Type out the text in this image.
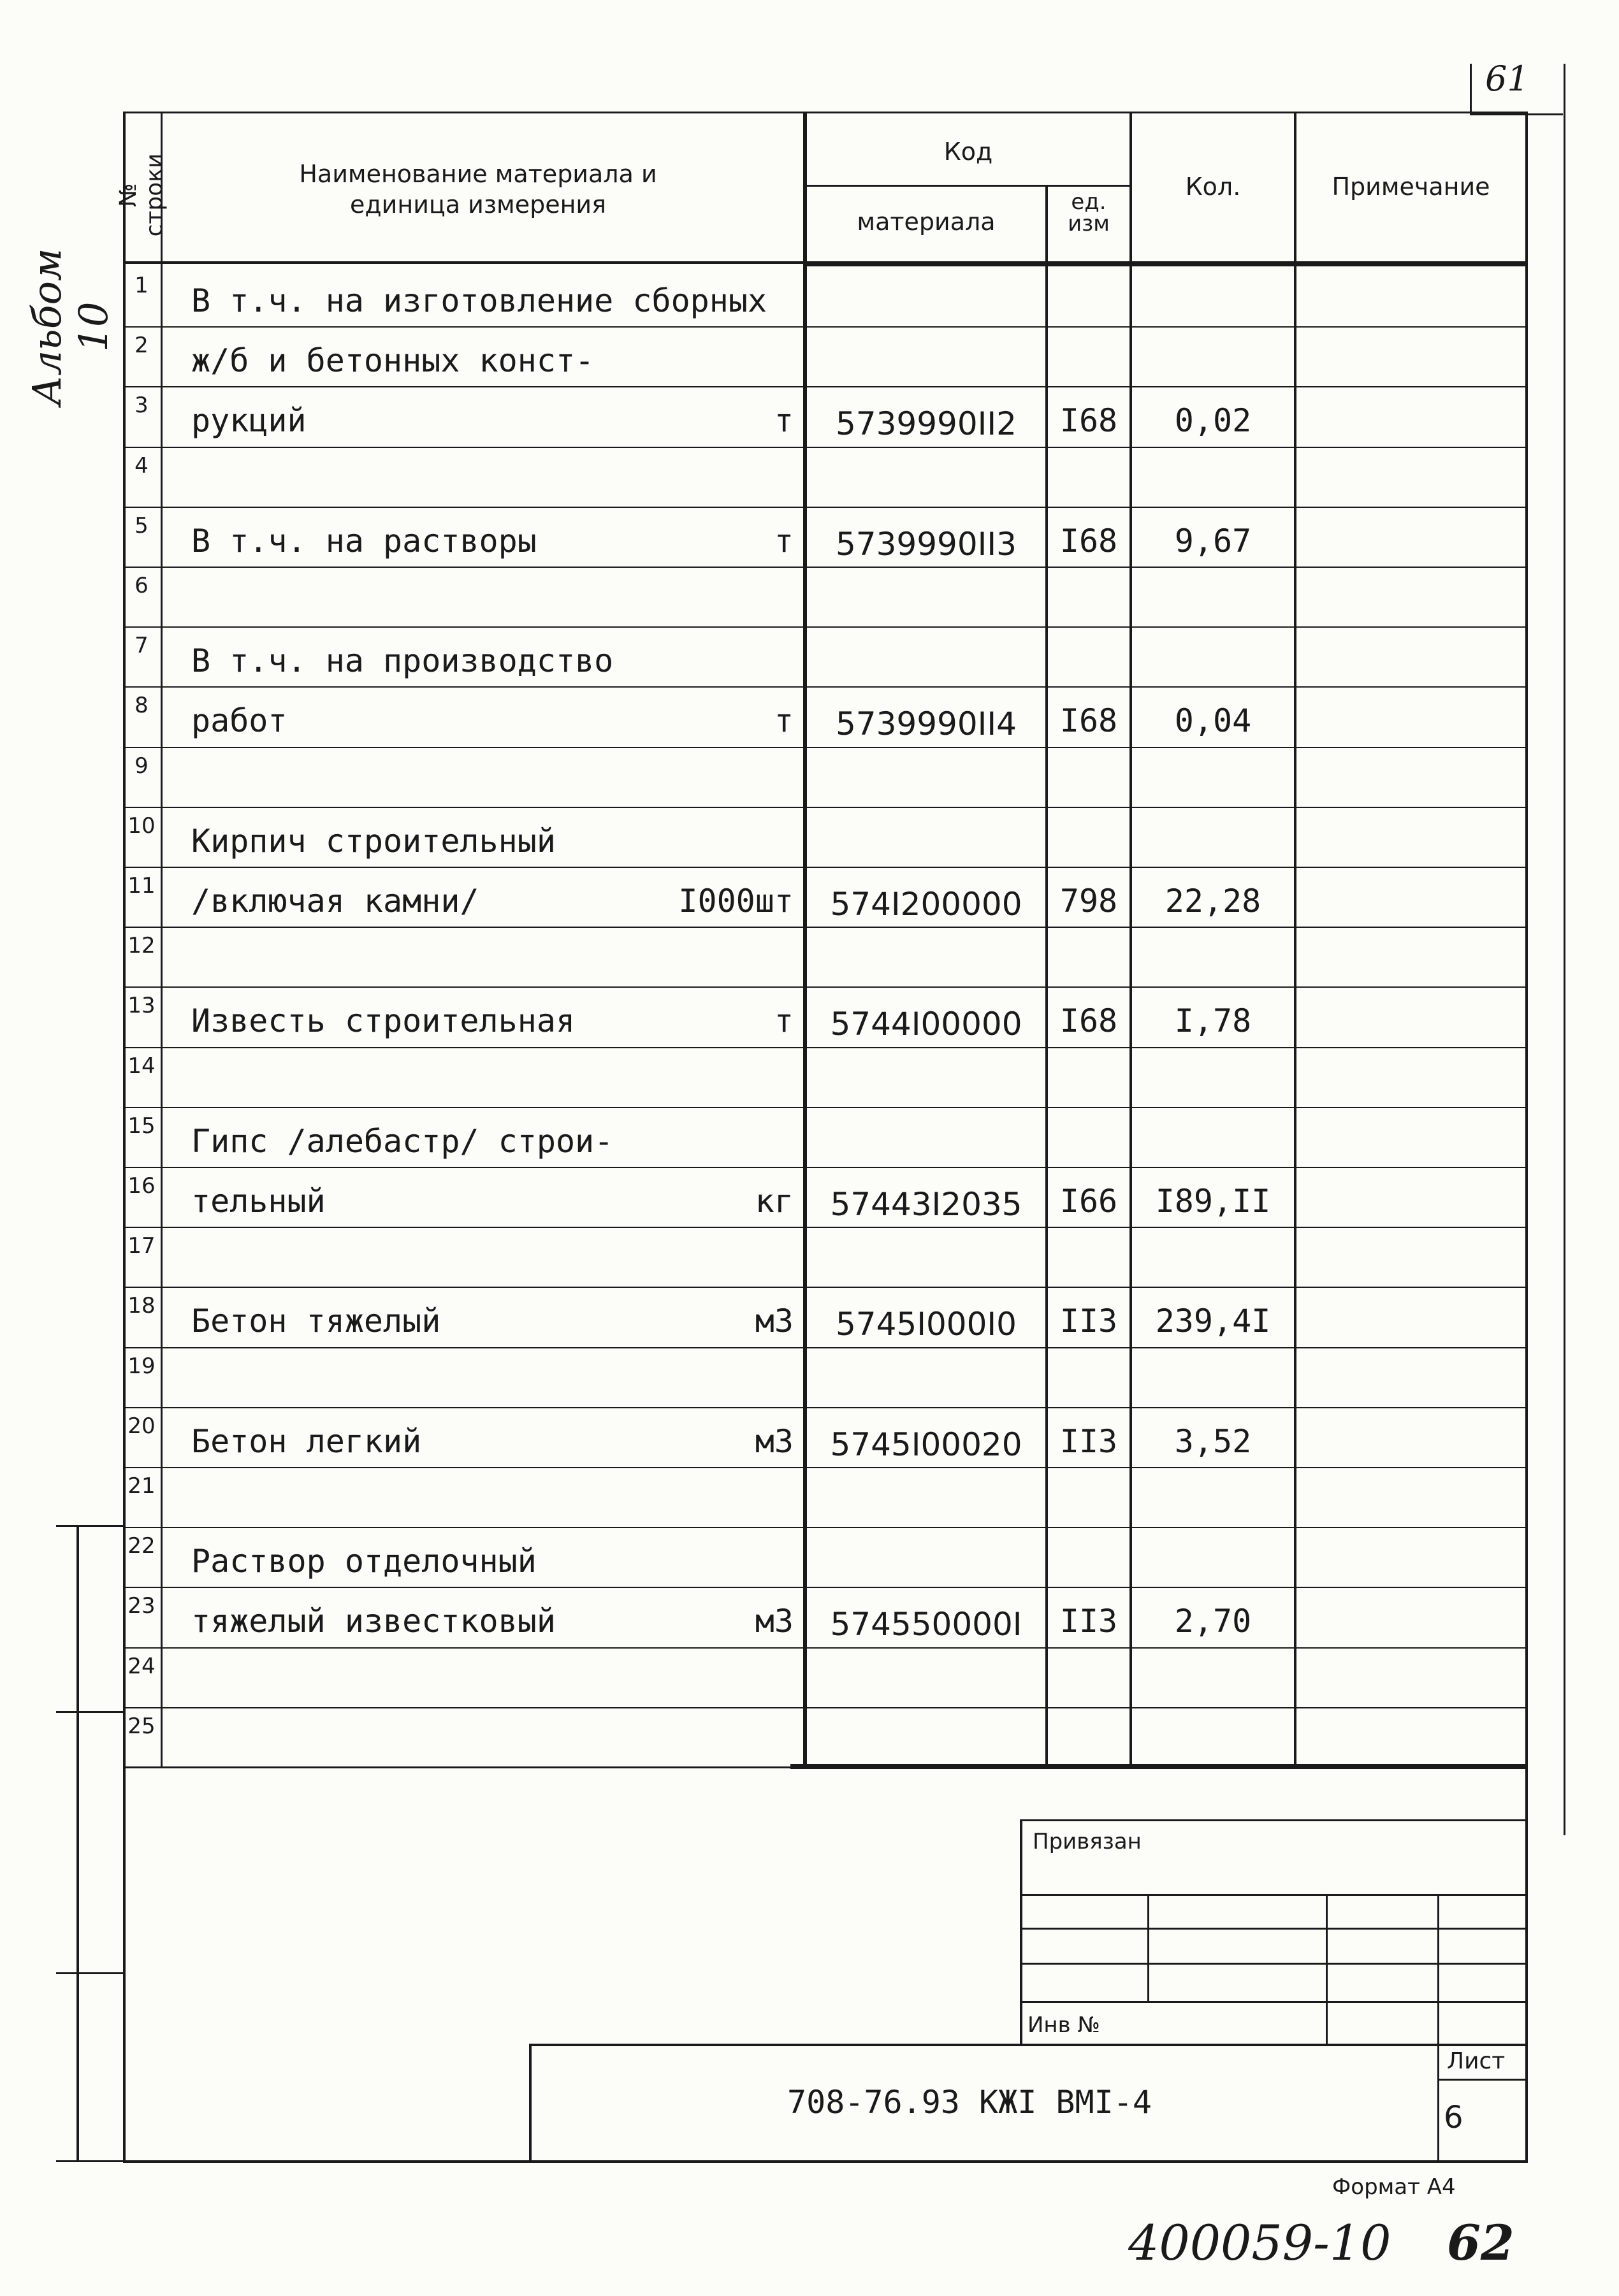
61
Альбом 10
№ строки	Наименование материала и единица измерения
Код
материала
ед. изм
Кол.	Примечание
1	В т.ч. на изготовление сборных
2	ж/б и бетонных конст-
3	рукций	т	5739990II2	I68	0,02
4
5	В т.ч. на растворы	т	5739990II3	I68	9,67
6
7	В т.ч. на производство
8	работ	т	5739990II4	I68	0,04
9
10 Кирпич строительный
11 /включая камни/	I000шт	574I200000	798	22,28
12
13 Известь строительная	т	5744I00000	I68	I,78
14
15 Гипс /алебастр/ строи-
16 тельный	кг	57443I2035	I66	I89,II
17
18 Бетон тяжелый	м3	5745I000I0	II3	239,4I
19
20 Бетон легкий	м3	5745I00020	II3	3,52
21
22 Раствор отделочный
23 тяжелый известковый	м3	574550000I	II3	2,70
24
25
Привязан
Инв №
708-76.93 КЖI ВМI-4
Лист
6
Формат А4
400059-10 62
